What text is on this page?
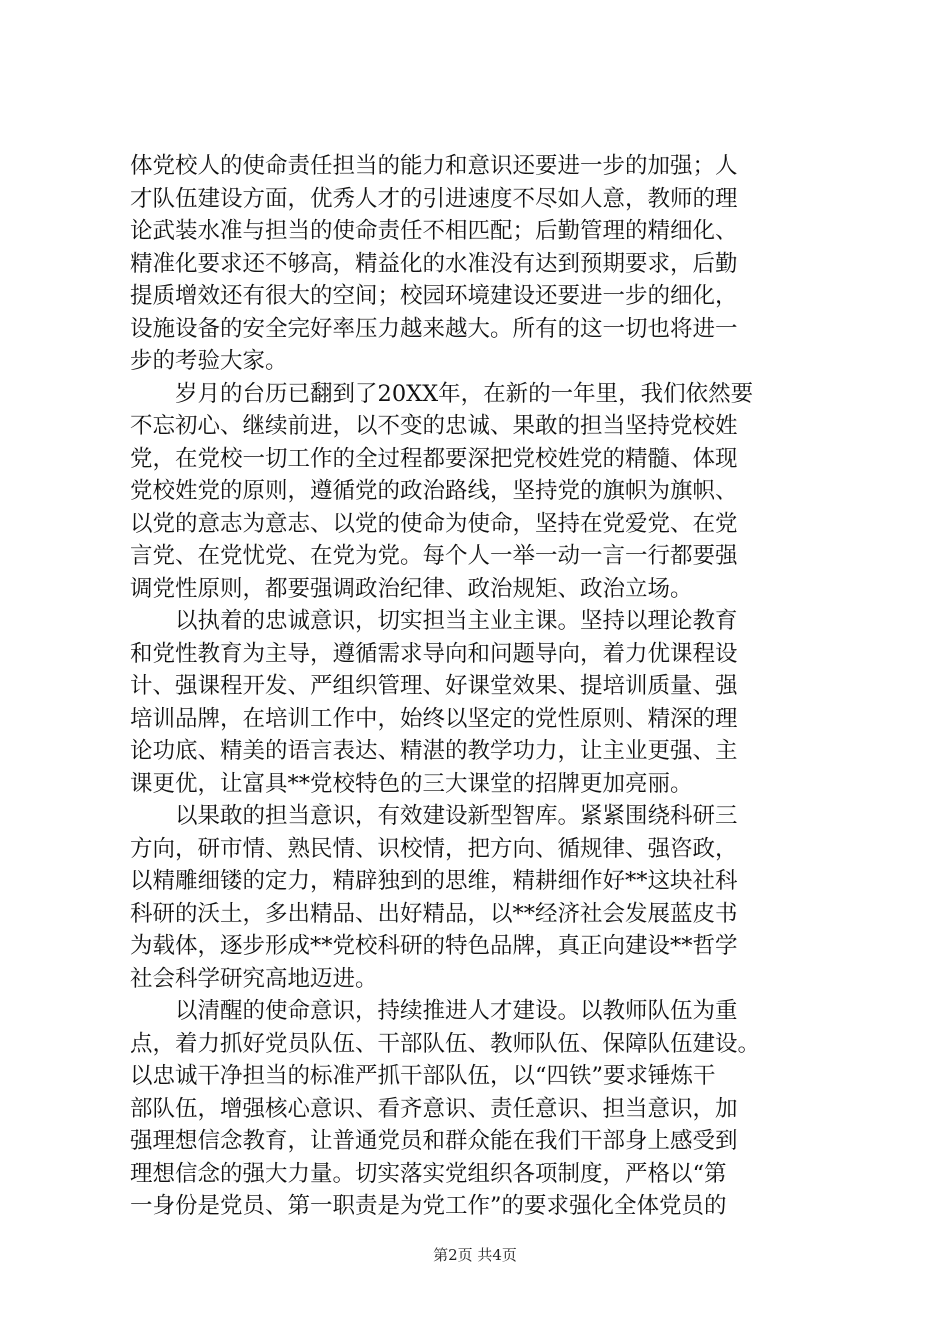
体党校人的使命责任担当的能力和意识还要进一步的加强；人
才队伍建设方面，优秀人才的引进速度不尽如人意，教师的理
论武装水准与担当的使命责任不相匹配；后勤管理的精细化、
精准化要求还不够高，精益化的水准没有达到预期要求，后勤
提质增效还有很大的空间；校园环境建设还要进一步的细化，
设施设备的安全完好率压力越来越大。所有的这一切也将进一
步的考验大家。
　　岁月的台历已翻到了20XX年，在新的一年里，我们依然要
不忘初心、继续前进，以不变的忠诚、果敢的担当坚持党校姓
党，在党校一切工作的全过程都要深把党校姓党的精髓、体现
党校姓党的原则，遵循党的政治路线，坚持党的旗帜为旗帜、
以党的意志为意志、以党的使命为使命，坚持在党爱党、在党
言党、在党忧党、在党为党。每个人一举一动一言一行都要强
调党性原则，都要强调政治纪律、政治规矩、政治立场。
　　以执着的忠诚意识，切实担当主业主课。坚持以理论教育
和党性教育为主导，遵循需求导向和问题导向，着力优课程设
计、强课程开发、严组织管理、好课堂效果、提培训质量、强
培训品牌，在培训工作中，始终以坚定的党性原则、精深的理
论功底、精美的语言表达、精湛的教学功力，让主业更强、主
课更优，让富具**党校特色的三大课堂的招牌更加亮丽。
　　以果敢的担当意识，有效建设新型智库。紧紧围绕科研三
方向，研市情、熟民情、识校情，把方向、循规律、强咨政，
以精雕细镂的定力，精辟独到的思维，精耕细作好**这块社科
科研的沃土，多出精品、出好精品，以**经济社会发展蓝皮书
为载体，逐步形成**党校科研的特色品牌，真正向建设**哲学
社会科学研究高地迈进。
　　以清醒的使命意识，持续推进人才建设。以教师队伍为重
点，着力抓好党员队伍、干部队伍、教师队伍、保障队伍建设。
以忠诚干净担当的标准严抓干部队伍，以“四铁”要求锤炼干
部队伍，增强核心意识、看齐意识、责任意识、担当意识，加
强理想信念教育，让普通党员和群众能在我们干部身上感受到
理想信念的强大力量。切实落实党组织各项制度，严格以“第
一身份是党员、第一职责是为党工作”的要求强化全体党员的
第2页 共4页
